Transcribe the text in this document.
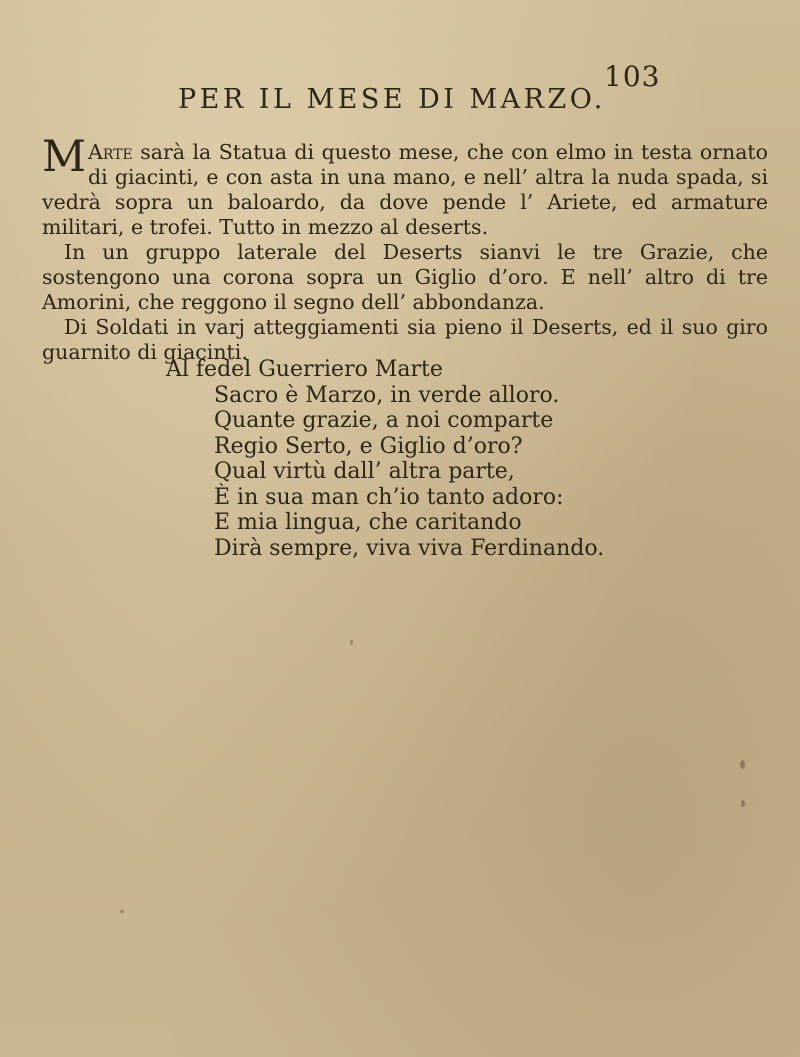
103
PER IL MESE DI MARZO.

M Arte sarà la Statua di questo mese, che con elmo in testa ornato di giacinti, e con asta in una mano, e nell’ altra la nuda spada, si vedrà sopra un baloardo, da dove pende l’ Ariete, ed armature militari, e trofei. Tutto in mezzo al deserts.

In un gruppo laterale del Deserts sianvi le tre Grazie, che sostengono una corona sopra un Giglio d’oro. E nell’ altro di tre Amorini, che reggono il segno dell’ abbondanza.

Di Soldati in varj atteggiamenti sia pieno il Deserts, ed il suo giro guarnito di giacinti.

Al fedel Guerriero Marte
Sacro è Marzo, in verde alloro.
Quante grazie, a noi comparte
Regio Serto, e Giglio d’oro?
Qual virtù dall’ altra parte,
È in sua man ch’io tanto adoro:
E mia lingua, che caritando
Dirà sempre, viva viva Ferdinando.
